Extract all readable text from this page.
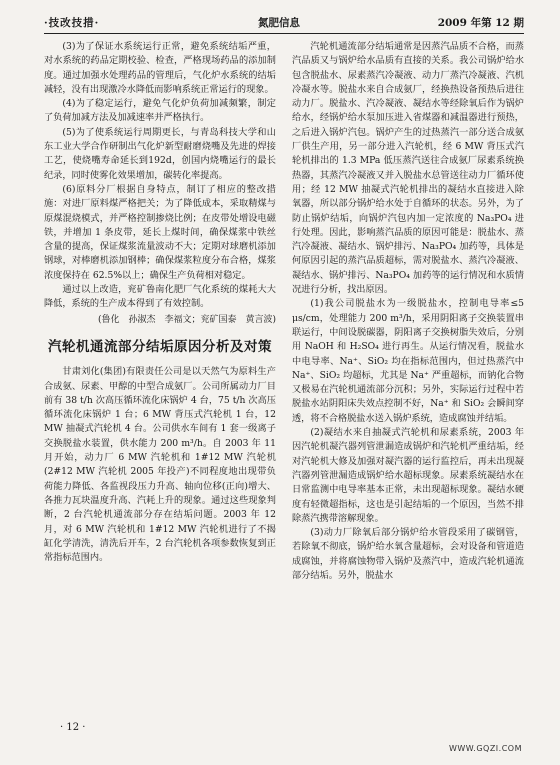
·技改技措·	氮肥信息	2009 年第 12 期

(3)为了保证水系统运行正常，避免系统结垢严重，对水系统的药品定期校验、检查，严格现场药品的添加制度。通过加强水处理药品的管理后，气化炉水系统的结垢减轻，没有出现激冷水降低而影响系统正常运行的现象。

(4)为了稳定运行，避免气化炉负荷加减频繁，制定了负荷加减方法及加减速率并严格执行。

(5)为了使系统运行周期更长，与青岛科技大学和山东工业大学合作研制出气化炉新型耐磨烧嘴及先进的焊接工艺，使烧嘴寿命延长到192d，创国内烧嘴运行的最长纪录，同时使雾化效果增加，碳转化率提高。

(6)原料分厂根据自身特点，制订了相应的整改措施：对进厂原料煤严格把关；为了降低成本，采取精煤与原煤混烧模式，并严格控制掺烧比例；在皮带处增设电磁铁，并增加 1 条皮带，延长上煤时间，确保煤浆中铁丝含量的提高，保证煤浆流量波动不大；定期对球磨机添加钢球，对棒磨机添加钢棒；确保煤浆粒度分布合格，煤浆浓度保持在 62.5%以上；确保生产负荷相对稳定。

通过以上改造，兖矿鲁南化肥厂气化系统的煤耗大大降低，系统的生产成本得到了有效控制。

(鲁化　孙淑杰　李福文；兖矿国泰　黄言波)
汽轮机通流部分结垢原因分析及对策

甘肃刘化(集团)有限责任公司是以天然气为原料生产合成氨、尿素、甲醇的中型合成氨厂。公司所属动力厂目前有 38 t/h 次高压循环流化床锅炉 4 台，75 t/h 次高压循环流化床锅炉 1 台；6 MW 背压式汽轮机 1 台，12 MW 抽凝式汽轮机 4 台。公司供水车间有 1 套一级离子交换脱盐水装置，供水能力 200 m³/h。自 2003 年 11 月开始，动力厂 6 MW 汽轮机和 1#12 MW 汽轮机(2#12 MW 汽轮机 2005 年投产)不同程度地出现带负荷能力降低、各监视段压力升高、轴向位移(正向)增大、各推力瓦块温度升高、汽耗上升的现象。通过这些现象判断，2 台汽轮机通流部分存在结垢问题。2003 年 12 月，对 6 MW 汽轮机和 1#12 MW 汽轮机进行了不揭缸化学清洗，清洗后开车，2 台汽轮机各项参数恢复到正常指标范围内。

汽轮机通流部分结垢通常是因蒸汽品质不合格，而蒸汽品质又与锅炉给水品质有直接的关系。我公司锅炉给水包含脱盐水、尿素蒸汽冷凝液、动力厂蒸汽冷凝液、汽机冷凝水等。脱盐水来自合成氨厂，经换热设备预热后进往动力厂。脱盐水、汽冷凝液、凝结水等经除氧后作为锅炉给水，经锅炉给水泵加压进入省煤器和减温器进行预热，之后进入锅炉汽包。锅炉产生的过热蒸汽一部分送合成氨厂供生产用，另一部分进入汽轮机，经 6 MW 背压式汽轮机排出的 1.3 MPa 低压蒸汽送往合成氨厂尿素系统换热器，其蒸汽冷凝液又并入脱盐水总管送往动力厂循环使用；经 12 MW 抽凝式汽轮机排出的凝结水直接进入除氧器，所以部分锅炉给水处于自循环的状态。另外，为了防止锅炉结垢，向锅炉汽包内加一定浓度的 Na₃PO₄ 进行处理。因此，影响蒸汽品质的原因可能是：脱盐水、蒸汽冷凝液、凝结水、锅炉排污、Na₃PO₄ 加药等，具体是何原因引起的蒸汽品质超标，需对脱盐水、蒸汽冷凝液、凝结水、锅炉排污、Na₃PO₄ 加药等的运行情况和水质情况进行分析，找出原因。

(1)我公司脱盐水为一级脱盐水，控制电导率≤5 μs/cm，处理能力 200 m³/h，采用阴阳离子交换装置串联运行，中间设脱碳器，阴阳离子交换树脂失效后，分别用 NaOH 和 H₂SO₄ 进行再生。从运行情况看，脱盐水中电导率、Na⁺、SiO₂ 均在指标范围内，但过热蒸汽中 Na⁺、SiO₂ 均超标，尤其是 Na⁺ 严重超标，而钠化合物又极易在汽轮机通流部分沉积；另外，实际运行过程中若脱盐水站阴阳床失效点控制不好，Na⁺ 和 SiO₂ 会瞬间穿透，将不合格脱盐水送入锅炉系统，造成腐蚀并结垢。

(2)凝结水来自抽凝式汽轮机和尿素系统，2003 年因汽轮机凝汽器列管泄漏造成锅炉和汽轮机严重结垢，经对汽轮机大修及加强对凝汽器的运行监控后，再未出现凝汽器列管泄漏造成锅炉给水超标现象。尿素系统凝结水在日常监测中电导率基本正常，未出现超标现象。凝结水硬度有轻微超指标，这也是引起结垢的一个原因，当然不排除蒸汽携带溶解现象。

(3)动力厂除氧后部分锅炉给水管段采用了碳钢管，若除氧不彻底，锅炉给水氧含量超标，会对设备和管道造成腐蚀，并将腐蚀物带入锅炉及蒸汽中，造成汽轮机通流部分结垢。另外，脱盐水

· 12 ·
WWW.GQZI.COM
